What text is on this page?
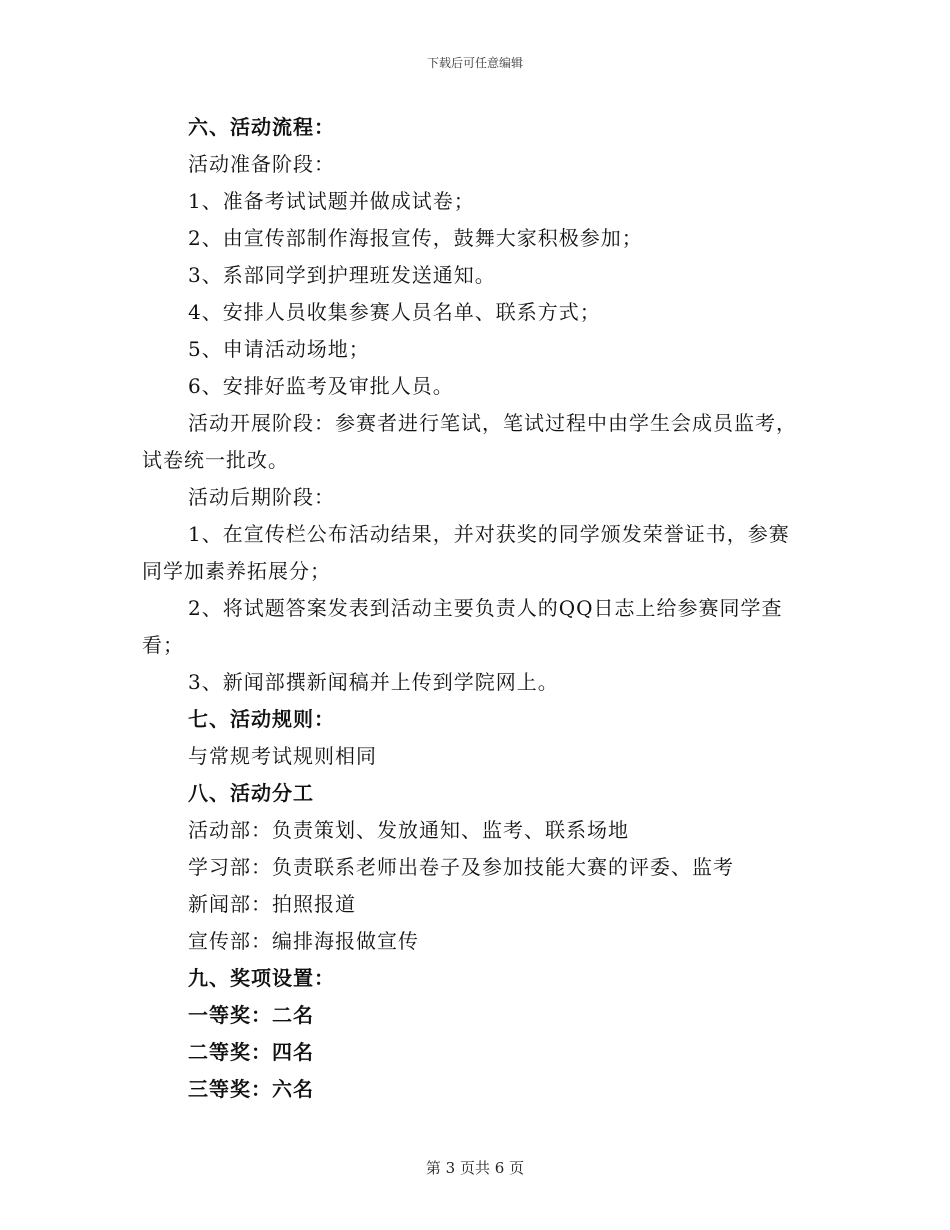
下载后可任意编辑
六、活动流程：
活动准备阶段：
1、准备考试试题并做成试卷；
2、由宣传部制作海报宣传，鼓舞大家积极参加；
3、系部同学到护理班发送通知。
4、安排人员收集参赛人员名单、联系方式；
5、申请活动场地；
6、安排好监考及审批人员。
活动开展阶段：参赛者进行笔试，笔试过程中由学生会成员监考，
试卷统一批改。
活动后期阶段：
1、在宣传栏公布活动结果，并对获奖的同学颁发荣誉证书，参赛
同学加素养拓展分；
2、将试题答案发表到活动主要负责人的QQ日志上给参赛同学查
看；
3、新闻部撰新闻稿并上传到学院网上。
七、活动规则：
与常规考试规则相同
八、活动分工
活动部：负责策划、发放通知、监考、联系场地
学习部：负责联系老师出卷子及参加技能大赛的评委、监考
新闻部：拍照报道
宣传部：编排海报做宣传
九、奖项设置：
一等奖：二名
二等奖：四名
三等奖：六名
第 3 页共 6 页
